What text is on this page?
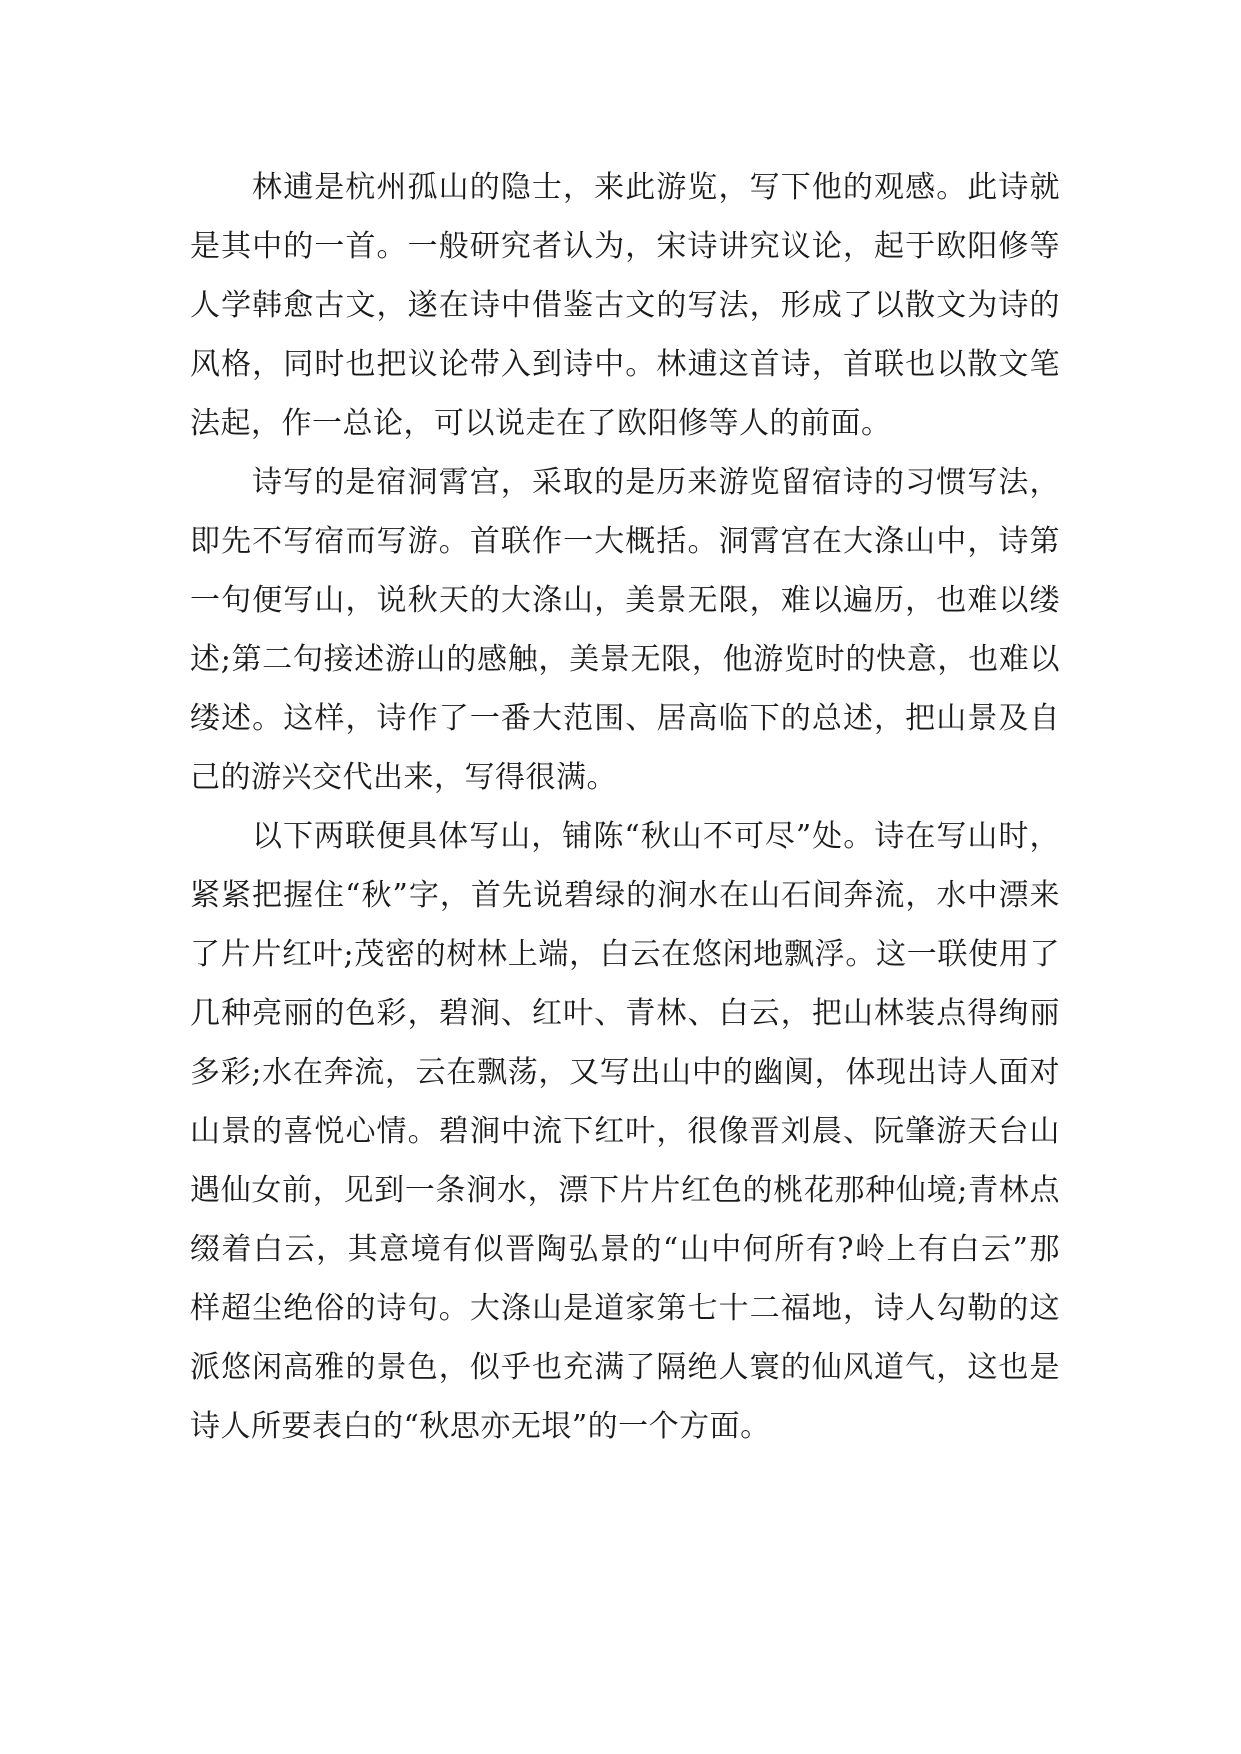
林逋是杭州孤山的隐士，来此游览，写下他的观感。此诗就是其中的一首。一般研究者认为，宋诗讲究议论，起于欧阳修等人学韩愈古文，遂在诗中借鉴古文的写法，形成了以散文为诗的风格，同时也把议论带入到诗中。林逋这首诗，首联也以散文笔法起，作一总论，可以说走在了欧阳修等人的前面。

诗写的是宿洞霄宫，采取的是历来游览留宿诗的习惯写法，即先不写宿而写游。首联作一大概括。洞霄宫在大涤山中，诗第一句便写山，说秋天的大涤山，美景无限，难以遍历，也难以缕述;第二句接述游山的感触，美景无限，他游览时的快意，也难以缕述。这样，诗作了一番大范围、居高临下的总述，把山景及自己的游兴交代出来，写得很满。

以下两联便具体写山，铺陈“秋山不可尽”处。诗在写山时，紧紧把握住“秋”字，首先说碧绿的涧水在山石间奔流，水中漂来了片片红叶;茂密的树林上端，白云在悠闲地飘浮。这一联使用了几种亮丽的色彩，碧涧、红叶、青林、白云，把山林装点得绚丽多彩;水在奔流，云在飘荡，又写出山中的幽阒，体现出诗人面对山景的喜悦心情。碧涧中流下红叶，很像晋刘晨、阮肇游天台山遇仙女前，见到一条涧水，漂下片片红色的桃花那种仙境;青林点缀着白云，其意境有似晋陶弘景的“山中何所有?岭上有白云”那样超尘绝俗的诗句。大涤山是道家第七十二福地，诗人勾勒的这派悠闲高雅的景色，似乎也充满了隔绝人寰的仙风道气，这也是诗人所要表白的“秋思亦无垠”的一个方面。
